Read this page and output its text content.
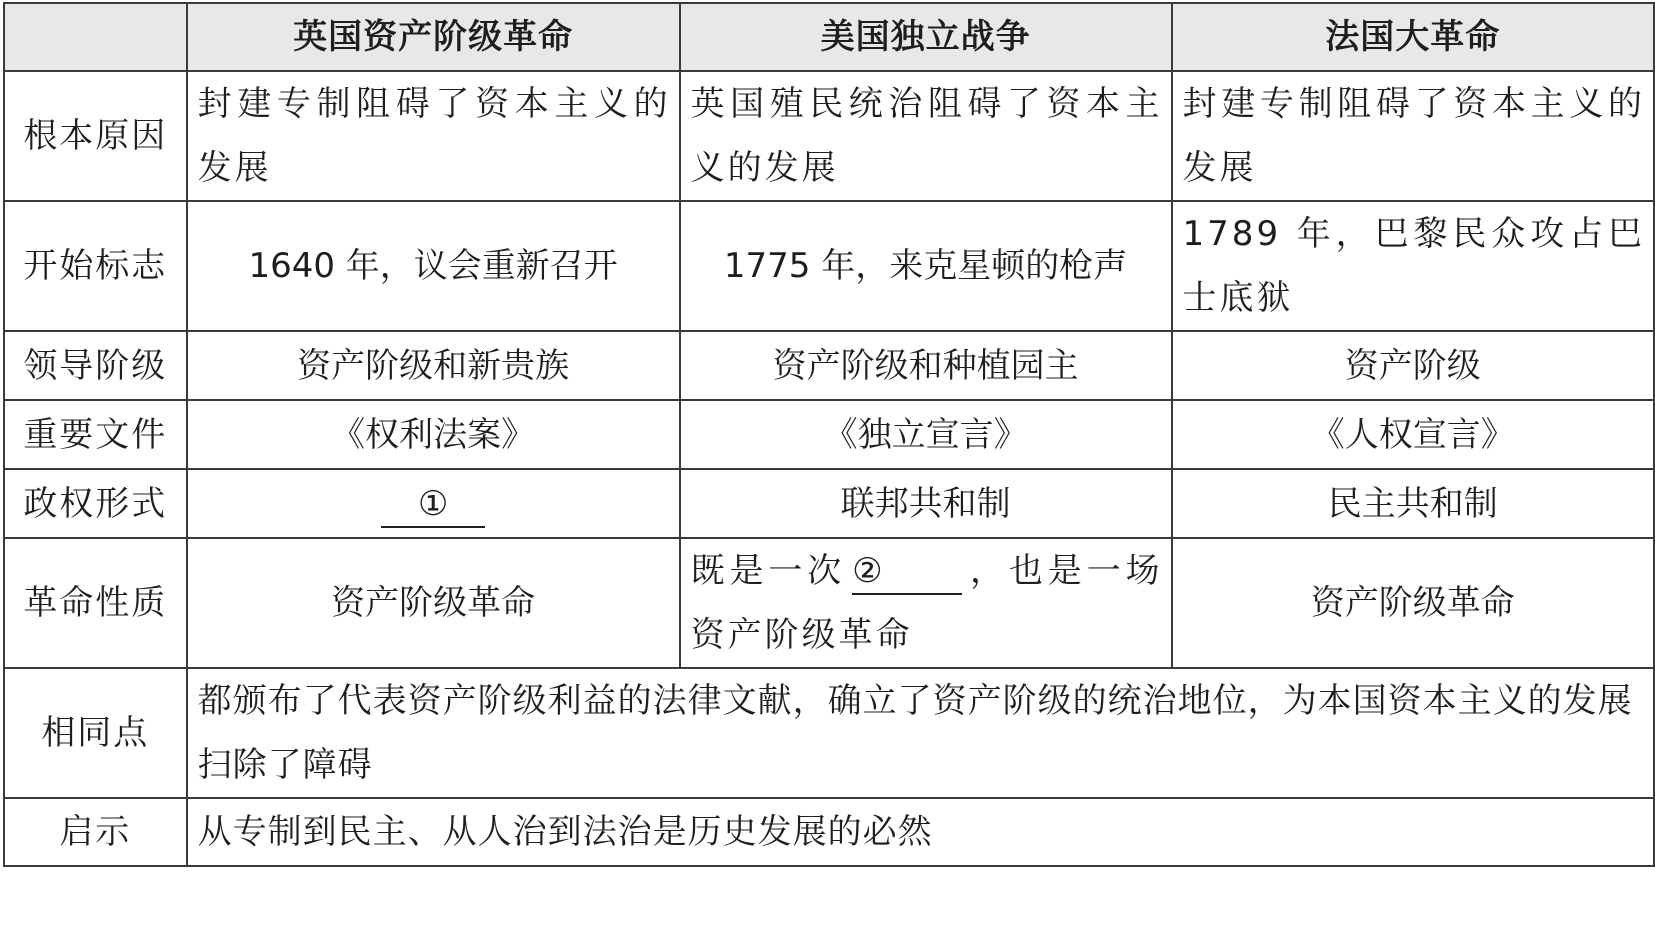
	英国资产阶级革命	美国独立战争	法国大革命
根本原因	封建专制阻碍了资本主义的发展	英国殖民统治阻碍了资本主义的发展	封建专制阻碍了资本主义的发展
开始标志	1640 年，议会重新召开	1775 年，来克星顿的枪声	1789 年，巴黎民众攻占巴士底狱
领导阶级	资产阶级和新贵族	资产阶级和种植园主	资产阶级
重要文件	《权利法案》	《独立宣言》	《人权宣言》
政权形式	①	联邦共和制	民主共和制
革命性质	资产阶级革命	既是一次 ② ，也是一场资产阶级革命	资产阶级革命
相同点	都颁布了代表资产阶级利益的法律文献，确立了资产阶级的统治地位，为本国资本主义的发展扫除了障碍		
启示	从专制到民主、从人治到法治是历史发展的必然		
